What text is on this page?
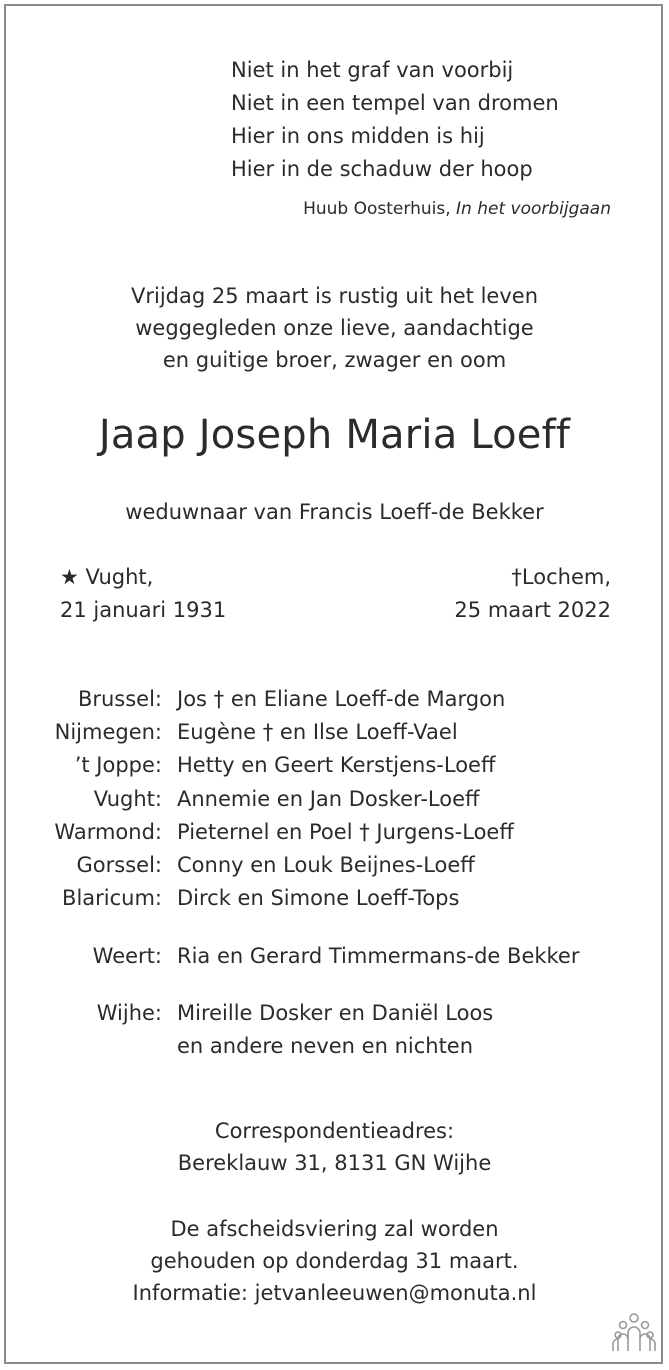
Niet in het graf van voorbij
Niet in een tempel van dromen
Hier in ons midden is hij
Hier in de schaduw der hoop
Huub Oosterhuis, In het voorbijgaan
Vrijdag 25 maart is rustig uit het leven
weggegleden onze lieve, aandachtige
en guitige broer, zwager en oom
Jaap Joseph Maria Loeff
weduwnaar van Francis Loeff-de Bekker
★ Vught,
21 januari 1931
†Lochem,
25 maart 2022
Brussel: Jos † en Eliane Loeff-de Margon
Nijmegen: Eugène † en Ilse Loeff-Vael
’t Joppe: Hetty en Geert Kerstjens-Loeff
Vught: Annemie en Jan Dosker-Loeff
Warmond: Pieternel en Poel † Jurgens-Loeff
Gorssel: Conny en Louk Beijnes-Loeff
Blaricum: Dirck en Simone Loeff-Tops
Weert: Ria en Gerard Timmermans-de Bekker
Wijhe: Mireille Dosker en Daniël Loos
en andere neven en nichten
Correspondentieadres:
Bereklauw 31, 8131 GN Wijhe
De afscheidsviering zal worden
gehouden op donderdag 31 maart.
Informatie: jetvanleeuwen@monuta.nl
